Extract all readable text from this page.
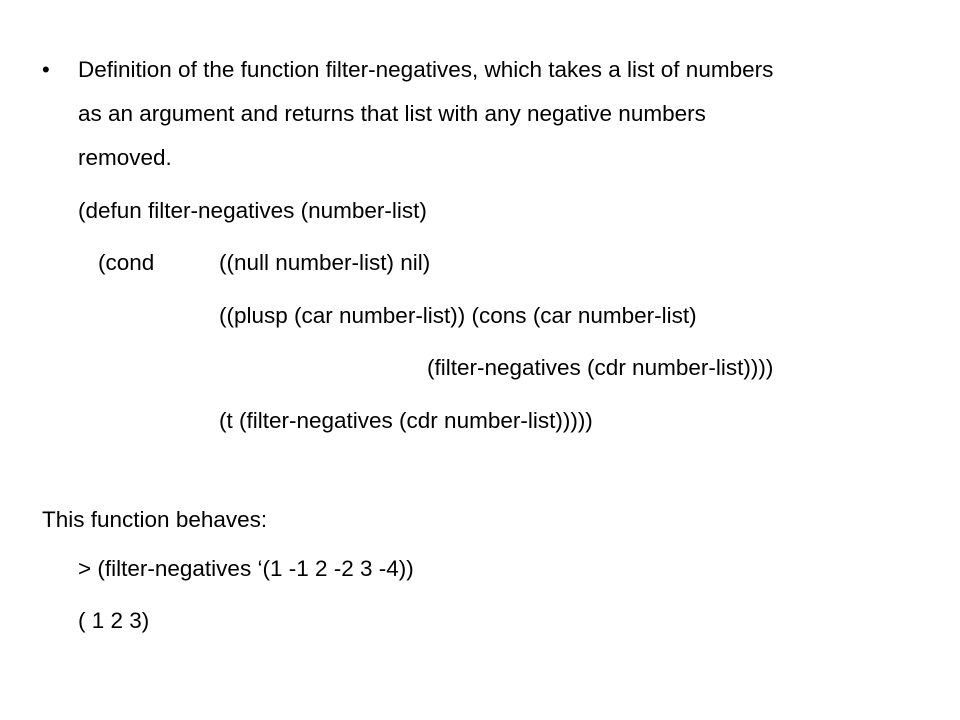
• Definition of the function filter-negatives, which takes a list of numbers
as an argument and returns that list with any negative numbers
removed.
(defun filter-negatives (number-list)
(cond	((null number-list) nil)
((plusp (car number-list)) (cons (car number-list)
(filter-negatives (cdr number-list))))
(t (filter-negatives (cdr number-list)))))
This function behaves:
> (filter-negatives ‘(1 -1 2 -2 3 -4))
( 1 2 3)
